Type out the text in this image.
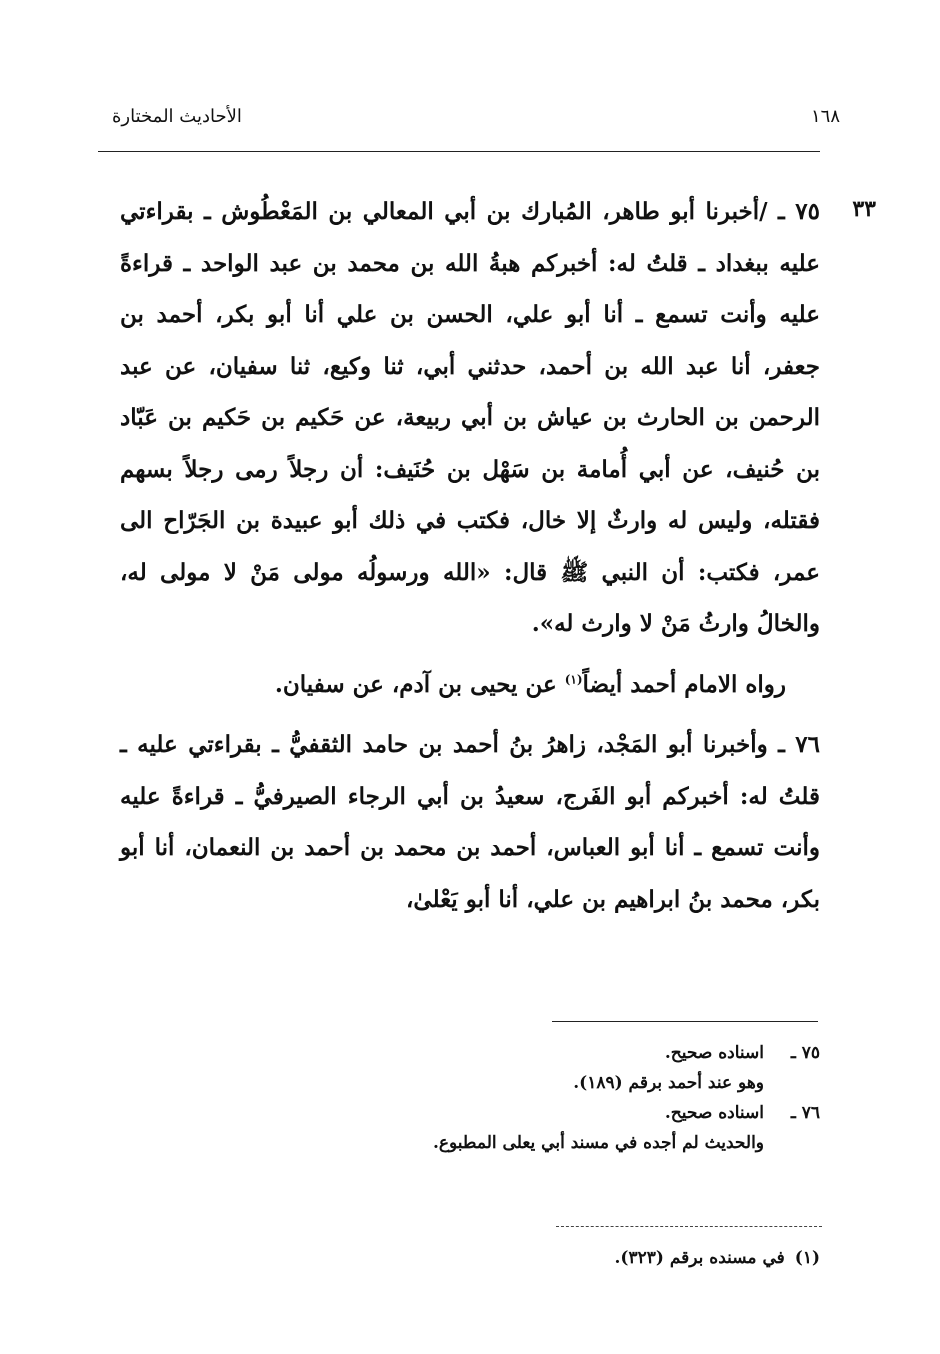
١٦٨
الأحاديث المختارة
٣٣

٧٥ ـ /أخبرنا أبو طاهر، المُبارك بن أبي المعالي بن المَعْطُوش ـ بقراءتي عليه ببغداد ـ قلتُ له: أخبركم هبةُ الله بن محمد بن عبد الواحد ـ قراءةً عليه وأنت تسمع ـ أنا أبو علي، الحسن بن علي أنا أبو بكر، أحمد بن جعفر، أنا عبد الله بن أحمد، حدثني أبي، ثنا وكيع، ثنا سفيان، عن عبد الرحمن بن الحارث بن عياش بن أبي ربيعة، عن حَكيم بن حَكيم بن عَبّاد بن حُنيف، عن أبي أُمامة بن سَهْل بن حُنَيف: أن رجلاً رمى رجلاً بسهم فقتله، وليس له وارثٌ إلا خال، فكتب في ذلك أبو عبيدة بن الجَرّاح الى عمر، فكتب: أن النبي ﷺ قال: «الله ورسولُه مولى مَنْ لا مولى له، والخالُ وارثُ مَنْ لا وارث له».

رواه الامام أحمد أيضاً$^{(١)}$ عن يحيى بن آدم، عن سفيان.

٧٦ ـ وأخبرنا أبو المَجْد، زاهرُ بنُ أحمد بن حامد الثقفيُّ ـ بقراءتي عليه ـ قلتُ له: أخبركم أبو الفَرج، سعيدُ بن أبي الرجاء الصيرفيُّ ـ قراءةً عليه وأنت تسمع ـ أنا أبو العباس، أحمد بن محمد بن أحمد بن النعمان، أنا أبو بكر، محمد بنُ ابراهيم بن علي، أنا أبو يَعْلىٰ،

٧٥ ـ
اسناده صحيح.
وهو عند أحمد برقم (١٨٩).
٧٦ ـ
اسناده صحيح.
والحديث لم أجده في مسند أبي يعلى المطبوع.
(١)في مسنده برقم (٣٢٣).
